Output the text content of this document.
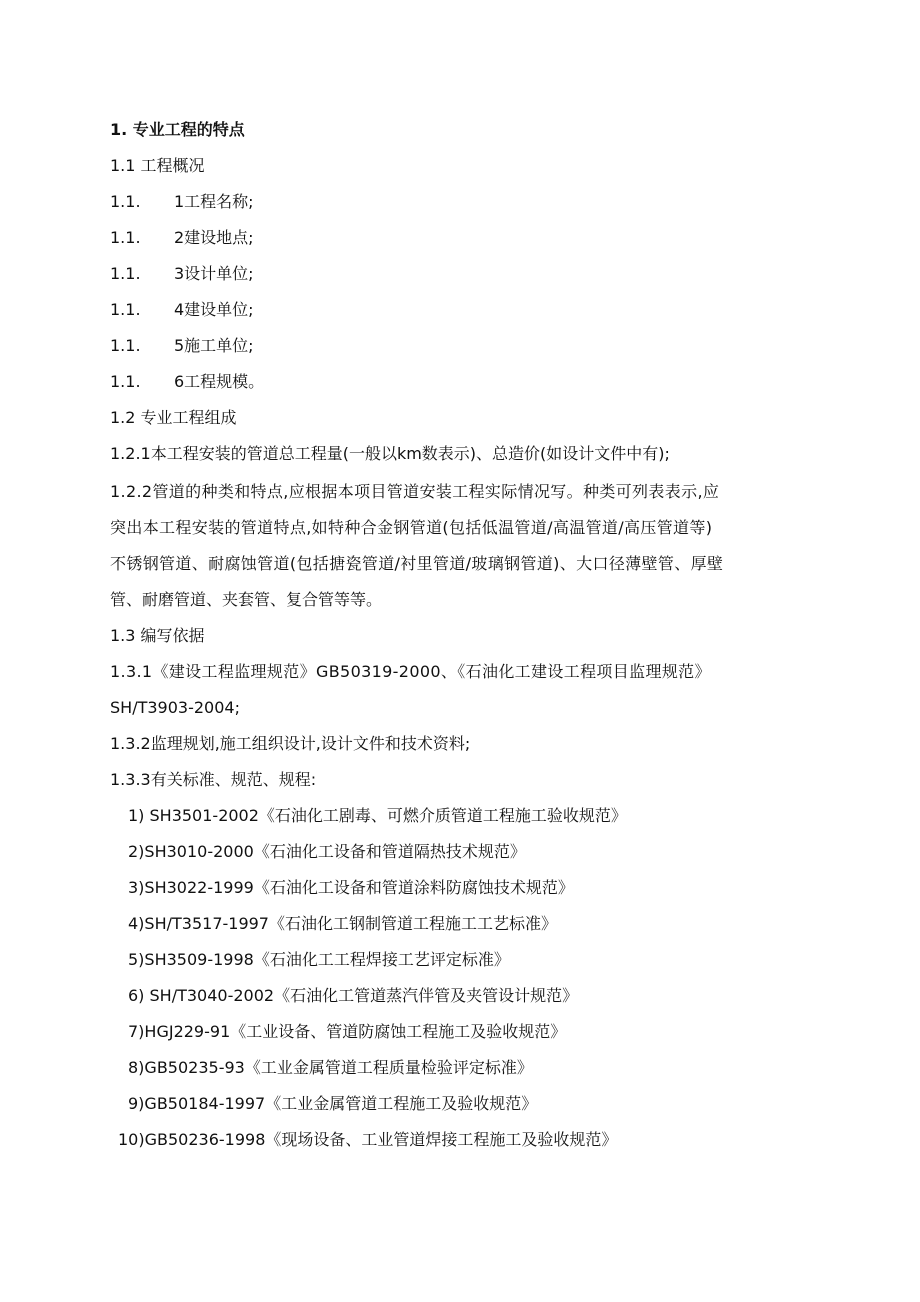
1. 专业工程的特点
1.1 工程概况
1.1. 1工程名称;
1.1. 2建设地点;
1.1. 3设计单位;
1.1. 4建设单位;
1.1. 5施工单位;
1.1. 6工程规模。
1.2 专业工程组成
1.2.1本工程安装的管道总工程量(一般以km数表示)、总造价(如设计文件中有);
1.2.2管道的种类和特点,应根据本项目管道安装工程实际情况写。种类可列表表示,应
突出本工程安装的管道特点,如特种合金钢管道(包括低温管道/高温管道/高压管道等)
不锈钢管道、耐腐蚀管道(包括搪瓷管道/衬里管道/玻璃钢管道)、大口径薄壁管、厚壁
管、耐磨管道、夹套管、复合管等等。
1.3 编写依据
1.3.1《建设工程监理规范》GB50319-2000、《石油化工建设工程项目监理规范》
SH/T3903-2004;
1.3.2监理规划,施工组织设计,设计文件和技术资料;
1.3.3有关标准、规范、规程:
1) SH3501-2002《石油化工剧毒、可燃介质管道工程施工验收规范》
2)SH3010-2000《石油化工设备和管道隔热技术规范》
3)SH3022-1999《石油化工设备和管道涂料防腐蚀技术规范》
4)SH/T3517-1997《石油化工钢制管道工程施工工艺标准》
5)SH3509-1998《石油化工工程焊接工艺评定标准》
6) SH/T3040-2002《石油化工管道蒸汽伴管及夹管设计规范》
7)HGJ229-91《工业设备、管道防腐蚀工程施工及验收规范》
8)GB50235-93《工业金属管道工程质量检验评定标准》
9)GB50184-1997《工业金属管道工程施工及验收规范》
10)GB50236-1998《现场设备、工业管道焊接工程施工及验收规范》
